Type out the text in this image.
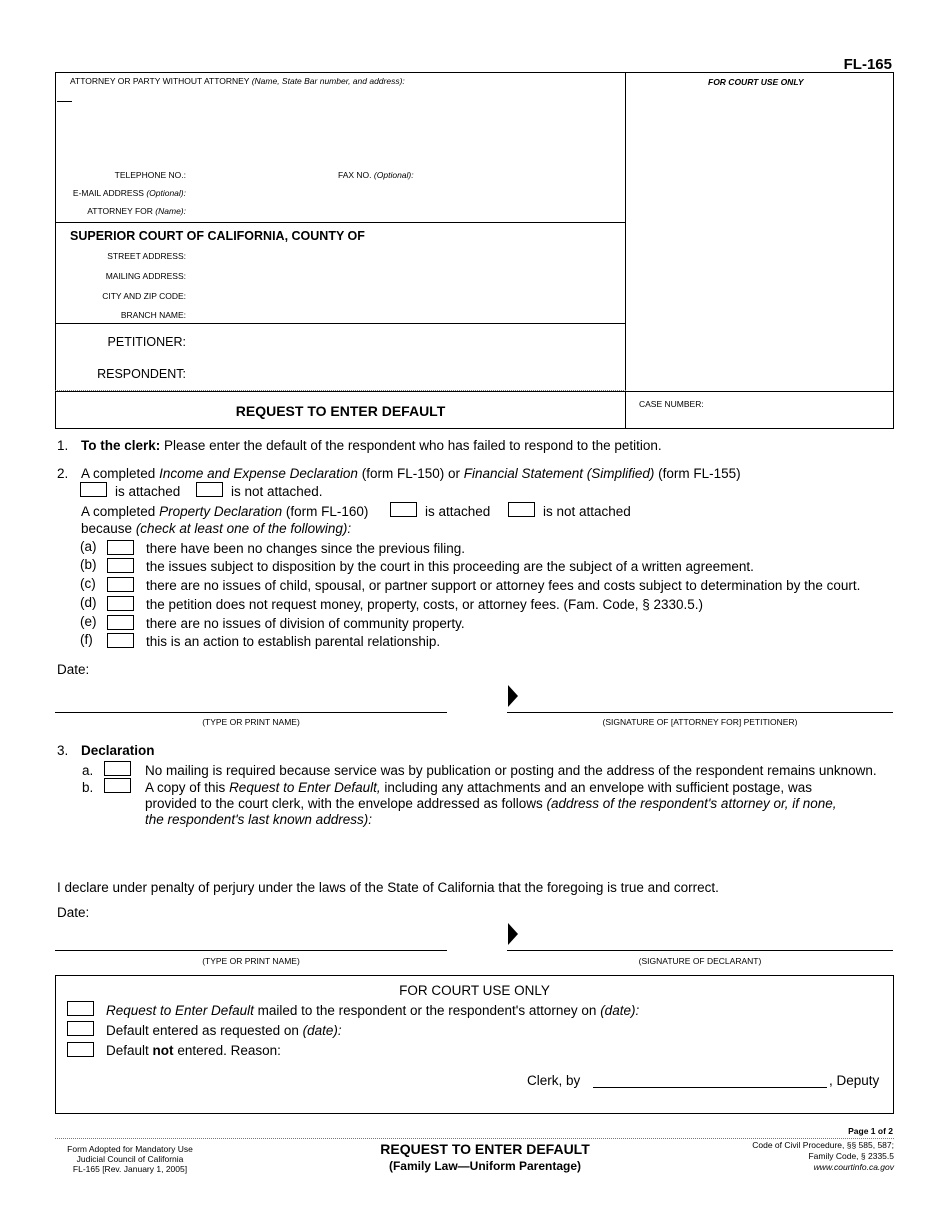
FL-165
ATTORNEY OR PARTY WITHOUT ATTORNEY (Name, State Bar number, and address):	FOR COURT USE ONLY
TELEPHONE NO.:	FAX NO. (Optional):
E-MAIL ADDRESS (Optional):
ATTORNEY FOR (Name):
SUPERIOR COURT OF CALIFORNIA, COUNTY OF
STREET ADDRESS:
MAILING ADDRESS:
CITY AND ZIP CODE:
BRANCH NAME:
PETITIONER:
RESPONDENT:
REQUEST TO ENTER DEFAULT	CASE NUMBER:
1. To the clerk: Please enter the default of the respondent who has failed to respond to the petition.
2. A completed Income and Expense Declaration (form FL-150) or Financial Statement (Simplified) (form FL-155)
is attached	is not attached.
A completed Property Declaration (form FL-160)	is attached	is not attached
because (check at least one of the following):
(a)	there have been no changes since the previous filing.
(b)	the issues subject to disposition by the court in this proceeding are the subject of a written agreement.
(c)	there are no issues of child, spousal, or partner support or attorney fees and costs subject to determination by the court.
(d)	the petition does not request money, property, costs, or attorney fees. (Fam. Code, § 2330.5.)
(e)	there are no issues of division of community property.
(f)	this is an action to establish parental relationship.
Date:
(TYPE OR PRINT NAME)	(SIGNATURE OF [ATTORNEY FOR] PETITIONER)
3. Declaration
a.	No mailing is required because service was by publication or posting and the address of the respondent remains unknown.
b.	A copy of this Request to Enter Default, including any attachments and an envelope with sufficient postage, was
provided to the court clerk, with the envelope addressed as follows (address of the respondent's attorney or, if none,
the respondent's last known address):
I declare under penalty of perjury under the laws of the State of California that the foregoing is true and correct.
Date:
(TYPE OR PRINT NAME)	(SIGNATURE OF DECLARANT)
FOR COURT USE ONLY
Request to Enter Default mailed to the respondent or the respondent's attorney on (date):
Default entered as requested on (date):
Default not entered. Reason:
Clerk, by	, Deputy
Page 1 of 2
Form Adopted for Mandatory Use
Judicial Council of California
FL-165 [Rev. January 1, 2005]
REQUEST TO ENTER DEFAULT
(Family Law—Uniform Parentage)
Code of Civil Procedure, §§ 585, 587;
Family Code, § 2335.5
www.courtinfo.ca.gov
